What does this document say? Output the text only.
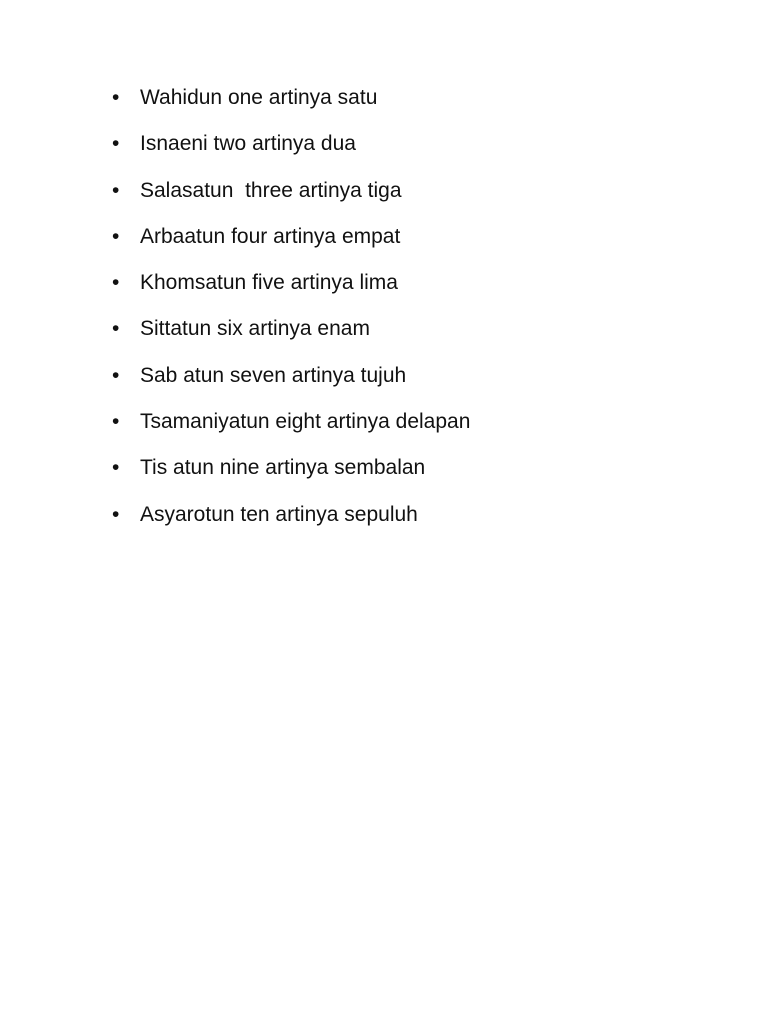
• Wahidun one artinya satu
• Isnaeni two artinya dua
• Salasatun  three artinya tiga
• Arbaatun four artinya empat
• Khomsatun five artinya lima
• Sittatun six artinya enam
• Sab atun seven artinya tujuh
• Tsamaniyatun eight artinya delapan
• Tis atun nine artinya sembalan
• Asyarotun ten artinya sepuluh
